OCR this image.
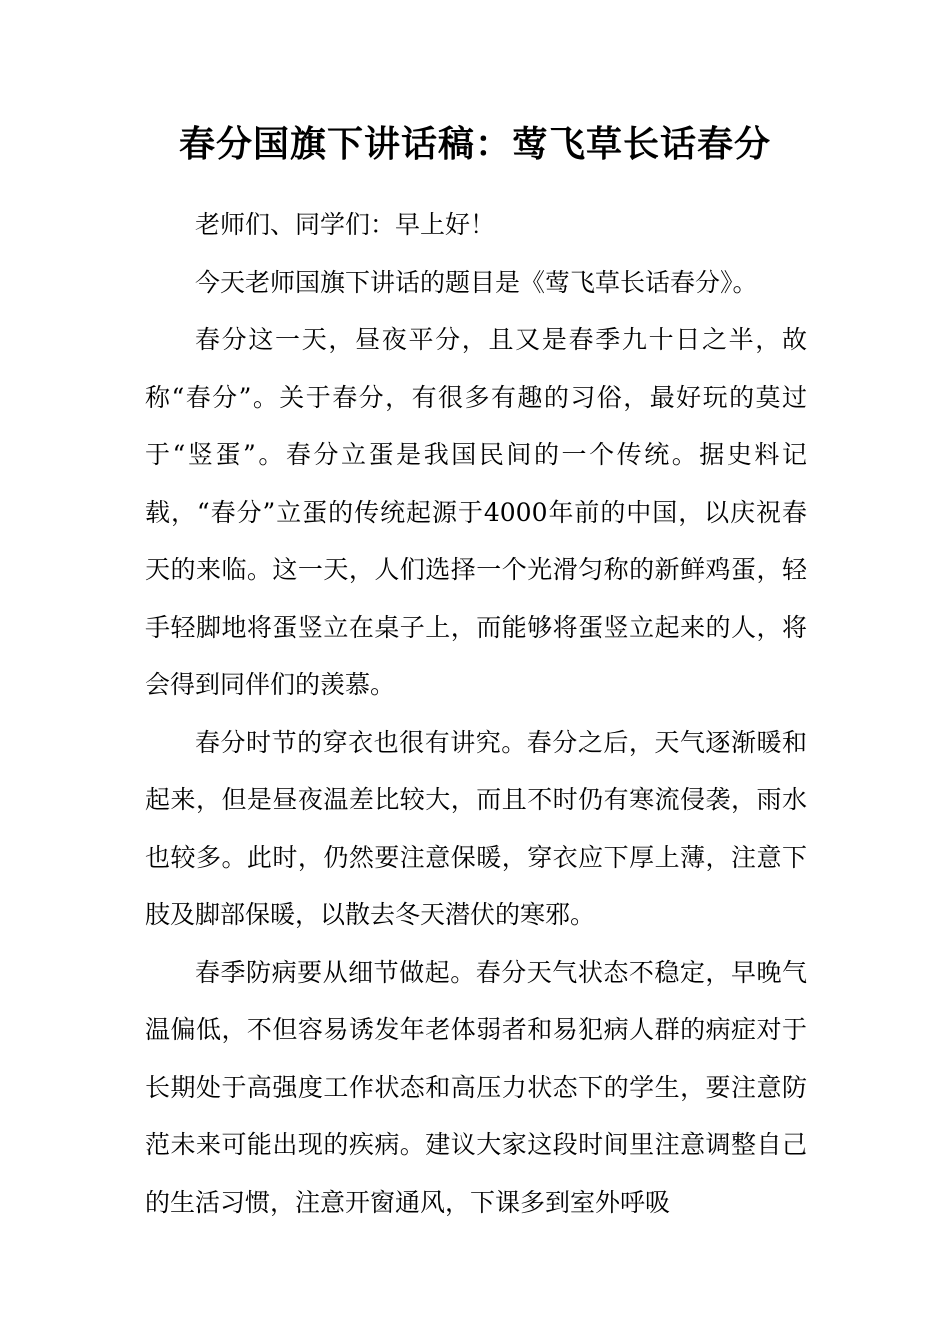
春分国旗下讲话稿：莺飞草长话春分

老师们、同学们：早上好！

今天老师国旗下讲话的题目是《莺飞草长话春分》。

春分这一天，昼夜平分，且又是春季九十日之半，故称“春分”。关于春分，有很多有趣的习俗，最好玩的莫过于“竖蛋”。春分立蛋是我国民间的一个传统。据史料记载，“春分”立蛋的传统起源于4000年前的中国，以庆祝春天的来临。这一天，人们选择一个光滑匀称的新鲜鸡蛋，轻手轻脚地将蛋竖立在桌子上，而能够将蛋竖立起来的人，将会得到同伴们的羡慕。

春分时节的穿衣也很有讲究。春分之后，天气逐渐暖和起来，但是昼夜温差比较大，而且不时仍有寒流侵袭，雨水也较多。此时，仍然要注意保暖，穿衣应下厚上薄，注意下肢及脚部保暖，以散去冬天潜伏的寒邪。

春季防病要从细节做起。春分天气状态不稳定，早晚气温偏低，不但容易诱发年老体弱者和易犯病人群的病症对于长期处于高强度工作状态和高压力状态下的学生，要注意防范未来可能出现的疾病。建议大家这段时间里注意调整自己的生活习惯，注意开窗通风，下课多到室外呼吸
